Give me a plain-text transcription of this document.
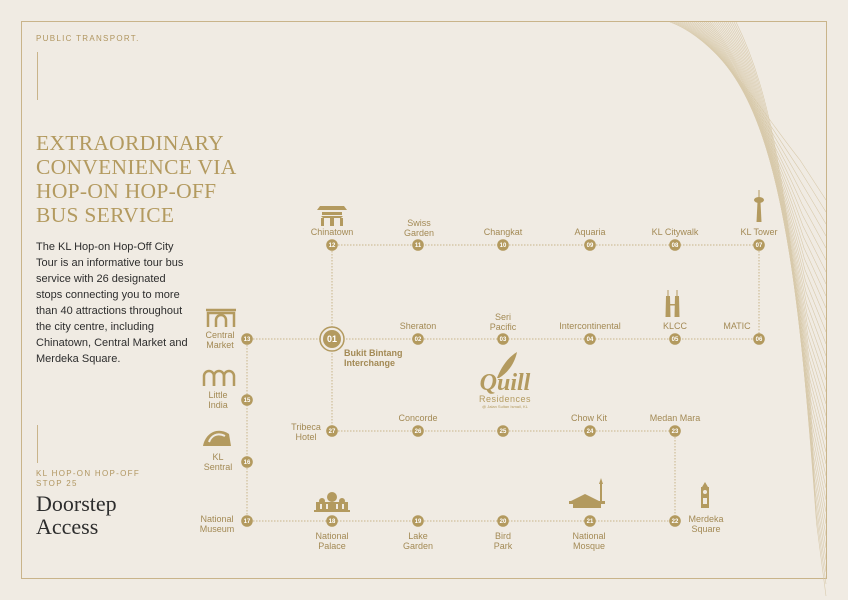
PUBLIC TRANSPORT.
EXTRAORDINARY
CONVENIENCE VIA
HOP-ON HOP-OFF
BUS SERVICE
The KL Hop-on Hop-Off City Tour is an informative tour bus service with 26 designated stops connecting you to more than 40 attractions throughout the city centre, including Chinatown, Central Market and Merdeka Square.
KL HOP-ON HOP-OFF
STOP 25
Doorstep
Access
02	03	04	05	06
07
08
09
10
11
12
13
15
16
17	18	19	20	21	22
23
24
25
26
27
01
Quill
Residences
@ Jalan Sultan Ismail, KL
Bukit Bintang
Interchange
Sheraton
Seri
Pacific	Intercontinental	KLCC	MATIC
KL Tower
KL Citywalk
Aquaria
Changkat
Swiss
Garden
Chinatown
Central
Market
Little
India
KL
Sentral
National
Museum
National
Palace
Lake
Garden
Bird
Park
National
Mosque
Merdeka
Square
Medan Mara
Chow Kit
Concorde
Tribeca
Hotel
